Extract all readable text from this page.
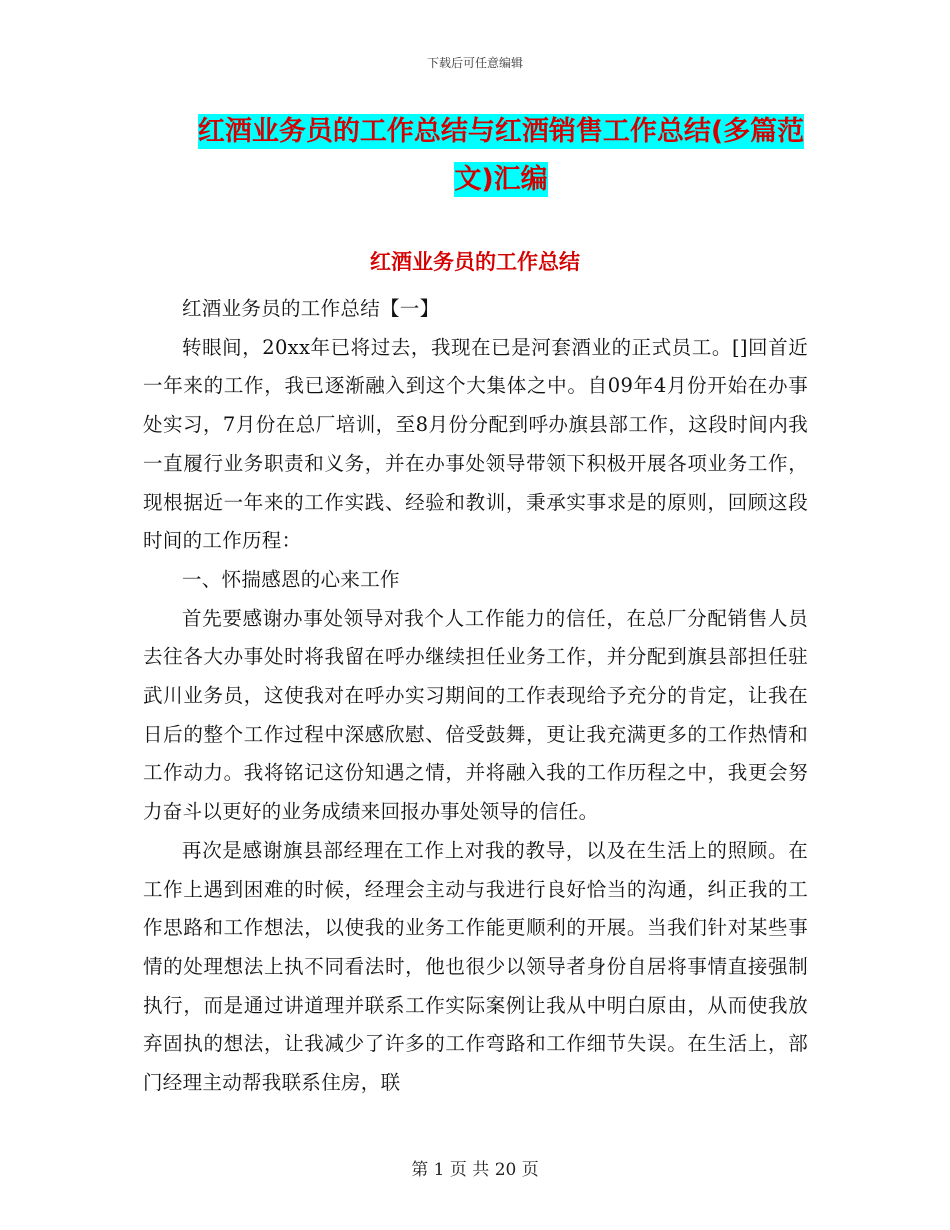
下载后可任意编辑
红酒业务员的工作总结与红酒销售工作总结(多篇范
文)汇编
红酒业务员的工作总结

红酒业务员的工作总结【一】

转眼间，20xx年已将过去，我现在已是河套酒业的正式员工。[]回首近一年来的工作，我已逐渐融入到这个大集体之中。自09年4月份开始在办事处实习，7月份在总厂培训，至8月份分配到呼办旗县部工作，这段时间内我一直履行业务职责和义务，并在办事处领导带领下积极开展各项业务工作，现根据近一年来的工作实践、经验和教训，秉承实事求是的原则，回顾这段时间的工作历程：

一、怀揣感恩的心来工作

首先要感谢办事处领导对我个人工作能力的信任，在总厂分配销售人员去往各大办事处时将我留在呼办继续担任业务工作，并分配到旗县部担任驻武川业务员，这使我对在呼办实习期间的工作表现给予充分的肯定，让我在日后的整个工作过程中深感欣慰、倍受鼓舞，更让我充满更多的工作热情和工作动力。我将铭记这份知遇之情，并将融入我的工作历程之中，我更会努力奋斗以更好的业务成绩来回报办事处领导的信任。

再次是感谢旗县部经理在工作上对我的教导，以及在生活上的照顾。在工作上遇到困难的时候，经理会主动与我进行良好恰当的沟通，纠正我的工作思路和工作想法，以使我的业务工作能更顺利的开展。当我们针对某些事情的处理想法上执不同看法时，他也很少以领导者身份自居将事情直接强制执行，而是通过讲道理并联系工作实际案例让我从中明白原由，从而使我放弃固执的想法，让我减少了许多的工作弯路和工作细节失误。在生活上，部门经理主动帮我联系住房，联

第 1 页 共 20 页
